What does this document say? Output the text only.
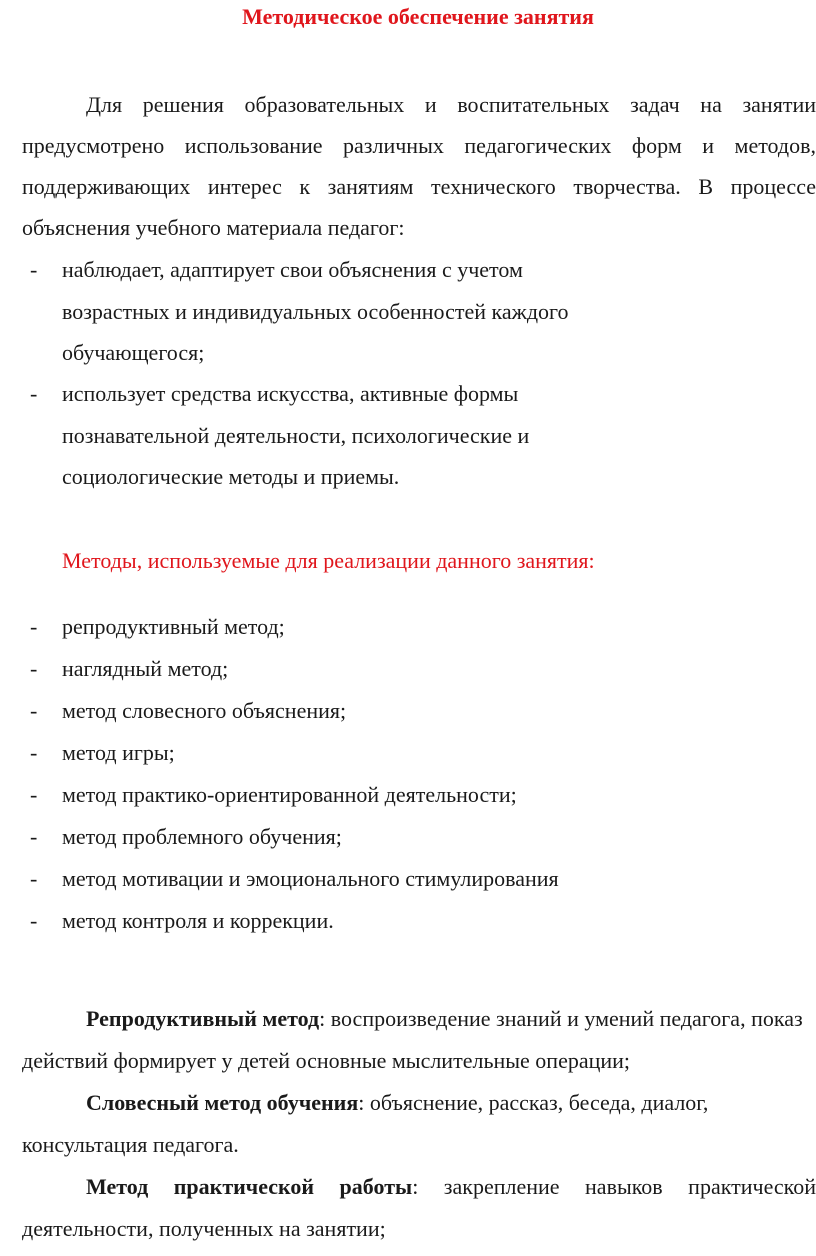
Методическое обеспечение занятия

Для решения образовательных и воспитательных задач на занятии предусмотрено использование различных педагогических форм и методов, поддерживающих интерес к занятиям технического творчества. В процессе объяснения учебного материала педагог:

- наблюдает, адаптирует свои объяснения с учетом возрастных и индивидуальных особенностей каждого обучающегося;
- использует средства искусства, активные формы познавательной деятельности, психологические и социологические методы и приемы.

Методы, используемые для реализации данного занятия:

- репродуктивный метод;
- наглядный метод;
- метод словесного объяснения;
- метод игры;
- метод практико-ориентированной деятельности;
- метод проблемного обучения;
- метод мотивации и эмоционального стимулирования
- метод контроля и коррекции.

Репродуктивный метод: воспроизведение знаний и умений педагога, показ действий формирует у детей основные мыслительные операции;

Словесный метод обучения: объяснение, рассказ, беседа, диалог, консультация педагога.

Метод практической работы: закрепление навыков практической деятельности, полученных на занятии;
